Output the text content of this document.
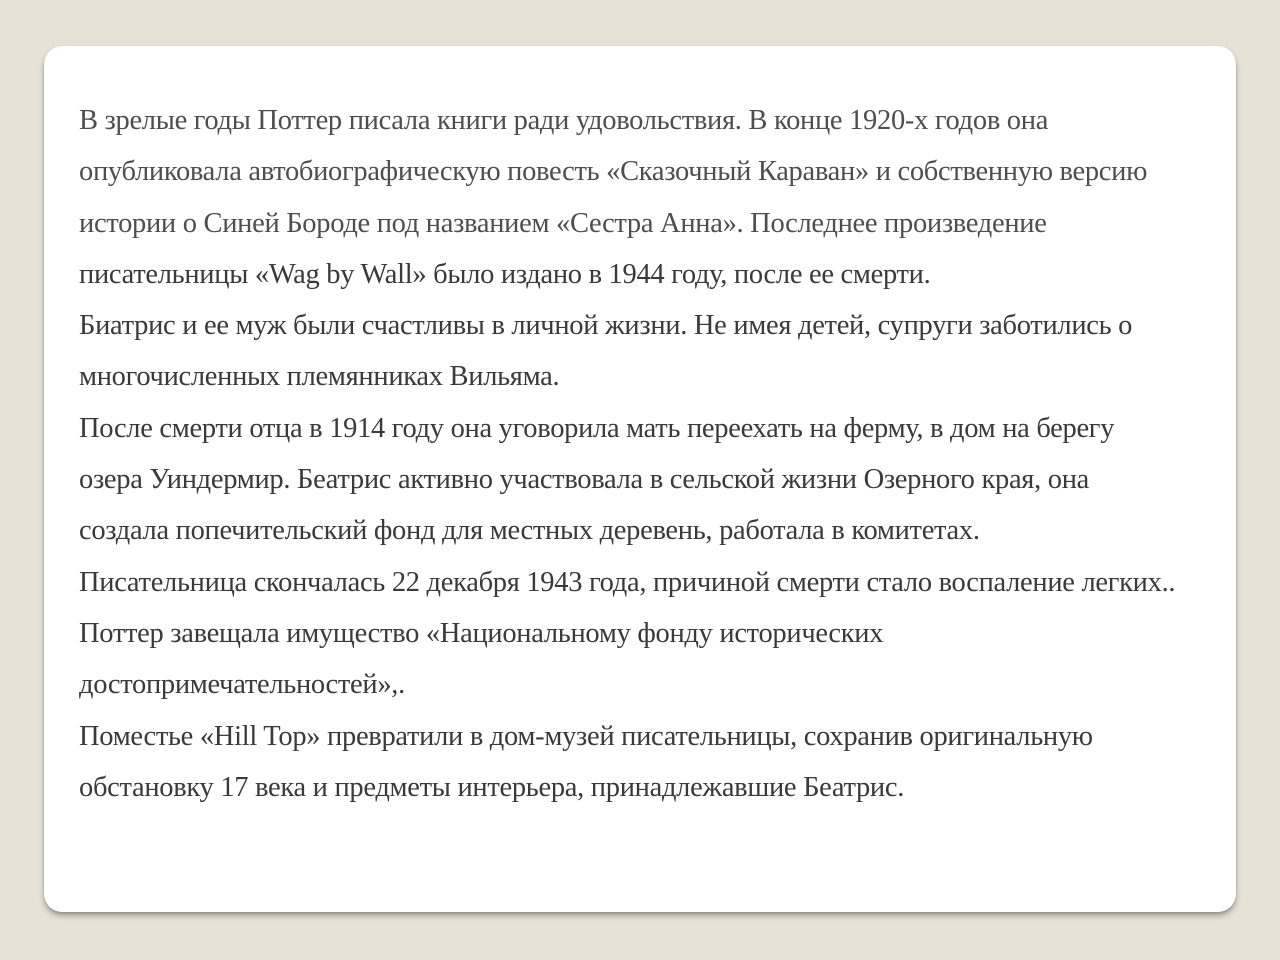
В зрелые годы Поттер писала книги ради удовольствия. В конце 1920-х годов она
опубликовала автобиографическую повесть «Сказочный Караван» и собственную версию
истории о Синей Бороде под названием «Сестра Анна». Последнее произведение
писательницы «Wag by Wall» было издано в 1944 году, после ее смерти.
Биатрис и ее муж были счастливы в личной жизни. Не имея детей, супруги заботились о
многочисленных племянниках Вильяма.
После смерти отца в 1914 году она уговорила мать переехать на ферму, в дом на берегу
озера Уиндермир. Беатрис активно участвовала в сельской жизни Озерного края, она
создала попечительский фонд для местных деревень, работала в комитетах.
Писательница скончалась 22 декабря 1943 года, причиной смерти стало воспаление легких..
Поттер завещала имущество «Национальному фонду исторических
достопримечательностей»,.
Поместье «Hill Top» превратили в дом-музей писательницы, сохранив оригинальную
обстановку 17 века и предметы интерьера, принадлежавшие Беатрис.
